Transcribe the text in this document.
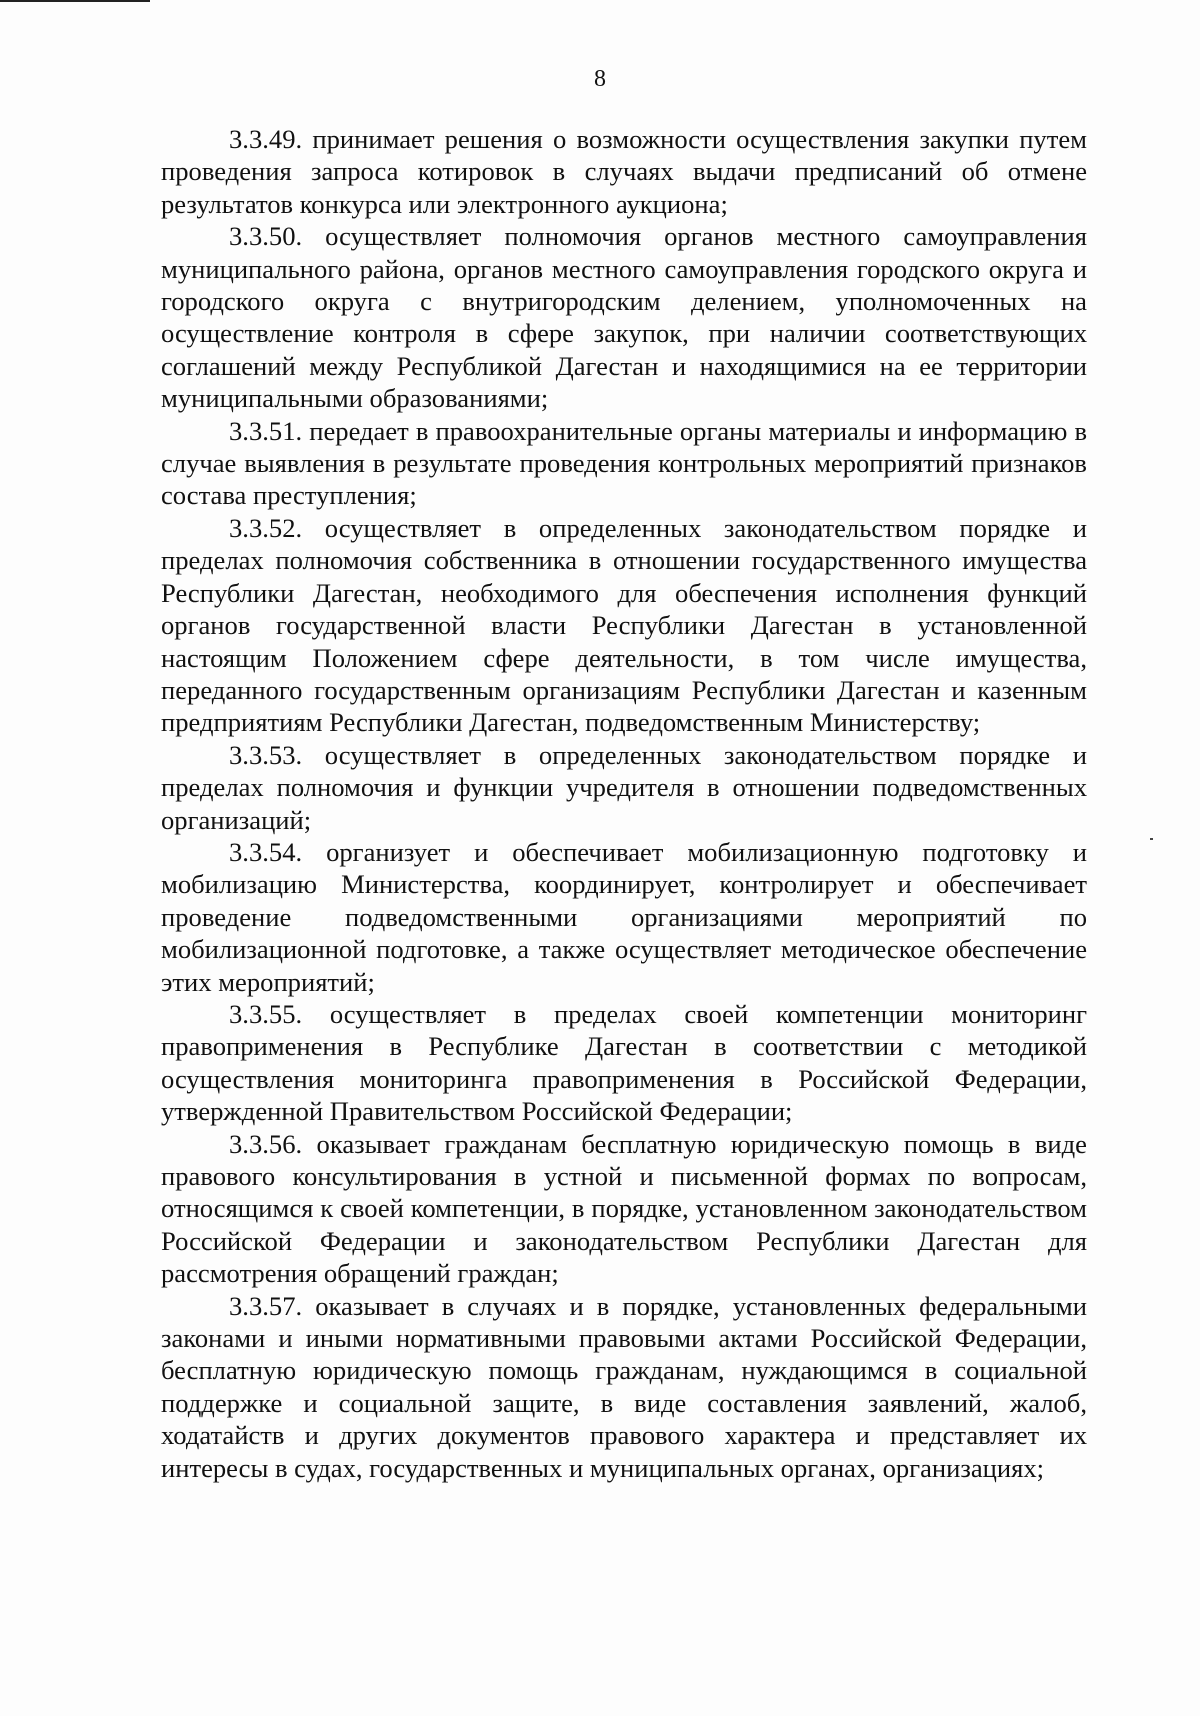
8

3.3.49. принимает решения о возможности осуществления закупки путем проведения запроса котировок в случаях выдачи предписаний об отмене результатов конкурса или электронного аукциона;

3.3.50. осуществляет полномочия органов местного самоуправления муниципального района, органов местного самоуправления городского округа и городского округа с внутригородским делением, уполномоченных на осуществление контроля в сфере закупок, при наличии соответствующих соглашений между Республикой Дагестан и находящимися на ее территории муниципальными образованиями;

3.3.51. передает в правоохранительные органы материалы и информацию в случае выявления в результате проведения контрольных мероприятий признаков состава преступления;

3.3.52. осуществляет в определенных законодательством порядке и пределах полномочия собственника в отношении государственного имущества Республики Дагестан, необходимого для обеспечения исполнения функций органов государственной власти Республики Дагестан в установленной настоящим Положением сфере деятельности, в том числе имущества, переданного государственным организациям Республики Дагестан и казенным предприятиям Республики Дагестан, подведомственным Министерству;

3.3.53. осуществляет в определенных законодательством порядке и пределах полномочия и функции учредителя в отношении подведомственных организаций;

3.3.54. организует и обеспечивает мобилизационную подготовку и мобилизацию Министерства, координирует, контролирует и обеспечивает проведение подведомственными организациями мероприятий по мобилизационной подготовке, а также осуществляет методическое обеспечение этих мероприятий;

3.3.55. осуществляет в пределах своей компетенции мониторинг правоприменения в Республике Дагестан в соответствии с методикой осуществления мониторинга правоприменения в Российской Федерации, утвержденной Правительством Российской Федерации;

3.3.56. оказывает гражданам бесплатную юридическую помощь в виде правового консультирования в устной и письменной формах по вопросам, относящимся к своей компетенции, в порядке, установленном законодательством Российской Федерации и законодательством Республики Дагестан для рассмотрения обращений граждан;

3.3.57. оказывает в случаях и в порядке, установленных федеральными законами и иными нормативными правовыми актами Российской Федерации, бесплатную юридическую помощь гражданам, нуждающимся в социальной поддержке и социальной защите, в виде составления заявлений, жалоб, ходатайств и других документов правового характера и представляет их интересы в судах, государственных и муниципальных органах, организациях;
